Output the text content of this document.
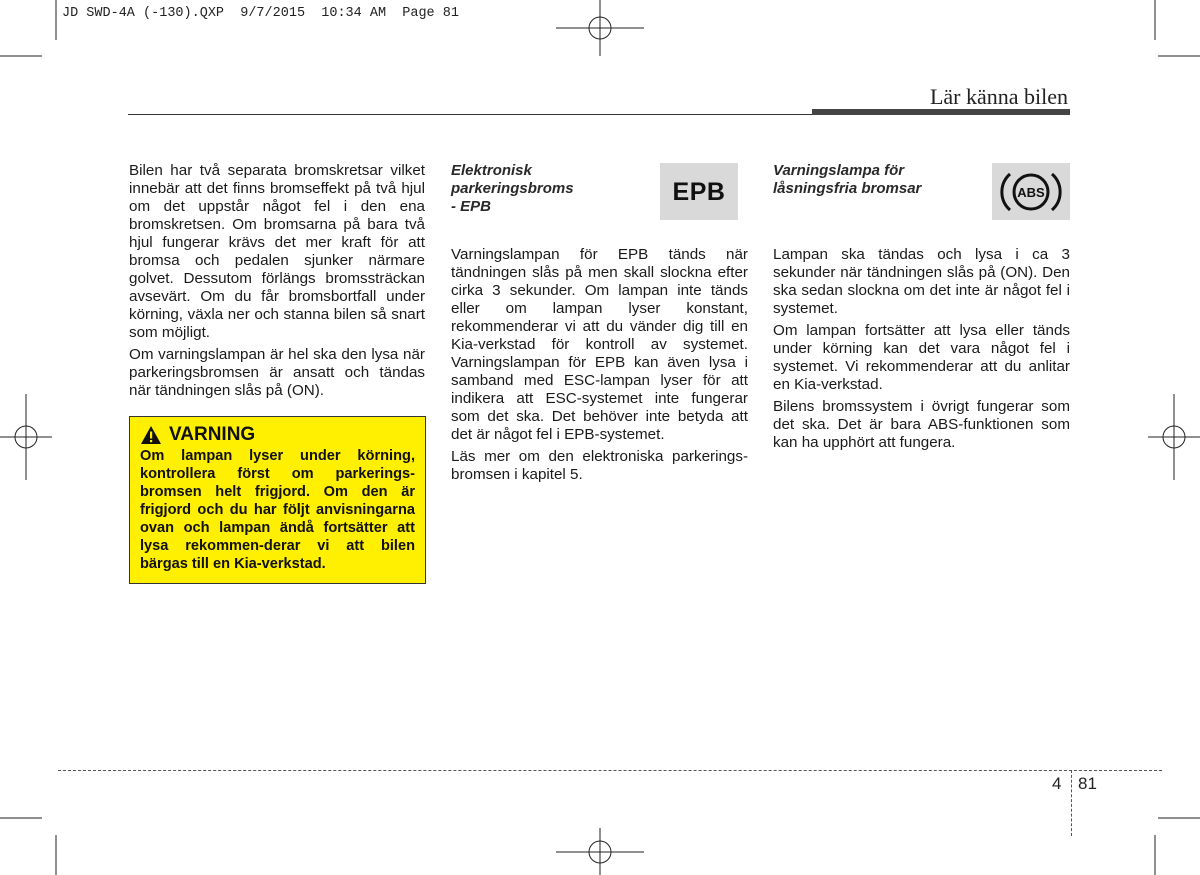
JD SWD-4A (-130).QXP  9/7/2015  10:34 AM  Page 81
Lär känna bilen

Bilen har två separata bromskretsar vilket innebär att det finns bromseffekt på två hjul om det uppstår något fel i den ena bromskretsen. Om bromsarna på bara två hjul fungerar krävs det mer kraft för att bromsa och pedalen sjunker närmare golvet. Dessutom förlängs bromssträckan avsevärt. Om du får bromsbortfall under körning, växla ner och stanna bilen så snart som möjligt.

Om varningslampan är hel ska den lysa när parkeringsbromsen är ansatt och tändas när tändningen slås på (ON).

VARNING
Om lampan lyser under körning, kontrollera först om parkerings-bromsen helt frigjord. Om den är frigjord och du har följt anvisningarna ovan och lampan ändå fortsätter att lysa rekommen-derar vi att bilen bärgas till en Kia-verkstad.
Elektronisk
parkeringsbroms
- EPB
EPB

Varningslampan för EPB tänds när tändningen slås på men skall slockna efter cirka 3 sekunder. Om lampan inte tänds eller om lampan lyser konstant, rekommenderar vi att du vänder dig till en Kia-verkstad för kontroll av systemet. Varningslampan för EPB kan även lysa i samband med ESC-lampan lyser för att indikera att ESC-systemet inte fungerar som det ska. Det behöver inte betyda att det är något fel i EPB-systemet.

Läs mer om den elektroniska parkerings-bromsen i kapitel 5.

Varningslampa för
låsningsfria bromsar	ABS

Lampan ska tändas och lysa i ca 3 sekunder när tändningen slås på (ON). Den ska sedan slockna om det inte är något fel i systemet.

Om lampan fortsätter att lysa eller tänds under körning kan det vara något fel i systemet. Vi rekommenderar att du anlitar en Kia-verkstad.

Bilens bromssystem i övrigt fungerar som det ska. Det är bara ABS-funktionen som kan ha upphört att fungera.

4 81
